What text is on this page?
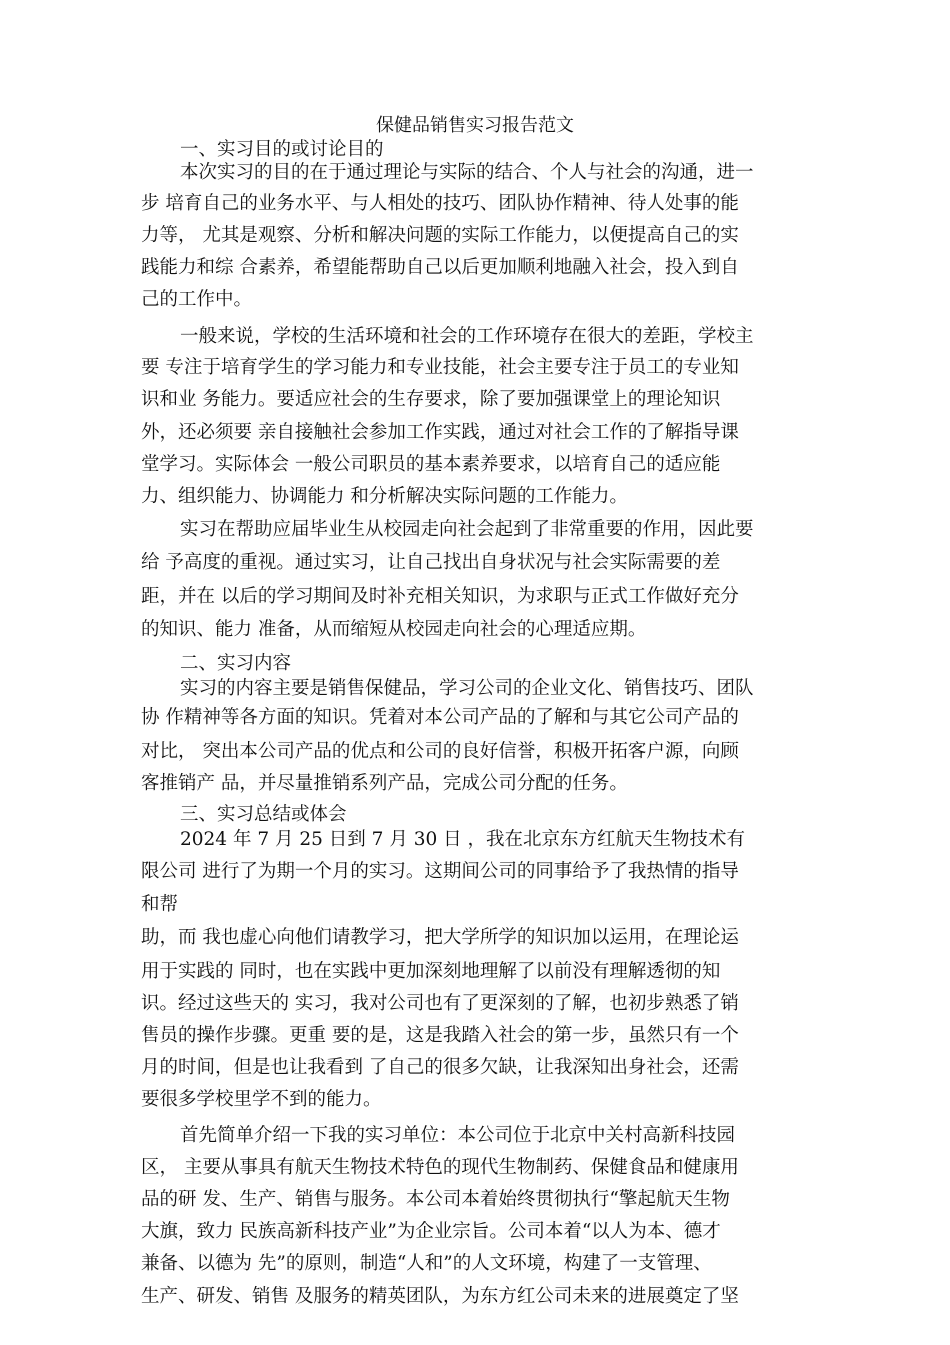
保健品销售实习报告范文
一、实习目的或讨论目的
本次实习的目的在于通过理论与实际的结合、个人与社会的沟通，进一
步 培育自己的业务水平、与人相处的技巧、团队协作精神、待人处事的能
力等， 尤其是观察、分析和解决问题的实际工作能力，以便提高自己的实
践能力和综 合素养，希望能帮助自己以后更加顺利地融入社会，投入到自
己的工作中。
一般来说，学校的生活环境和社会的工作环境存在很大的差距，学校主
要 专注于培育学生的学习能力和专业技能，社会主要专注于员工的专业知
识和业 务能力。要适应社会的生存要求，除了要加强课堂上的理论知识
外，还必须要 亲自接触社会参加工作实践，通过对社会工作的了解指导课
堂学习。实际体会 一般公司职员的基本素养要求，以培育自己的适应能
力、组织能力、协调能力 和分析解决实际问题的工作能力。
实习在帮助应届毕业生从校园走向社会起到了非常重要的作用，因此要
给 予高度的重视。通过实习，让自己找出自身状况与社会实际需要的差
距，并在 以后的学习期间及时补充相关知识，为求职与正式工作做好充分
的知识、能力 准备，从而缩短从校园走向社会的心理适应期。
二、实习内容
实习的内容主要是销售保健品，学习公司的企业文化、销售技巧、团队
协 作精神等各方面的知识。凭着对本公司产品的了解和与其它公司产品的
对比， 突出本公司产品的优点和公司的良好信誉，积极开拓客户源，向顾
客推销产 品，并尽量推销系列产品，完成公司分配的任务。
三、实习总结或体会
2024 年 7 月 25 日到 7 月 30 日 ，我在北京东方红航天生物技术有
限公司 进行了为期一个月的实习。这期间公司的同事给予了我热情的指导
和帮
助，而 我也虚心向他们请教学习，把大学所学的知识加以运用，在理论运
用于实践的 同时，也在实践中更加深刻地理解了以前没有理解透彻的知
识。经过这些天的 实习，我对公司也有了更深刻的了解，也初步熟悉了销
售员的操作步骤。更重 要的是，这是我踏入社会的第一步，虽然只有一个
月的时间，但是也让我看到 了自己的很多欠缺，让我深知出身社会，还需
要很多学校里学不到的能力。
首先简单介绍一下我的实习单位：本公司位于北京中关村高新科技园
区， 主要从事具有航天生物技术特色的现代生物制药、保健食品和健康用
品的研 发、生产、销售与服务。本公司本着始终贯彻执行“擎起航天生物
大旗，致力 民族高新科技产业”为企业宗旨。公司本着“以人为本、德才
兼备、以德为 先”的原则，制造“人和”的人文环境，构建了一支管理、
生产、研发、销售 及服务的精英团队，为东方红公司未来的进展奠定了坚
